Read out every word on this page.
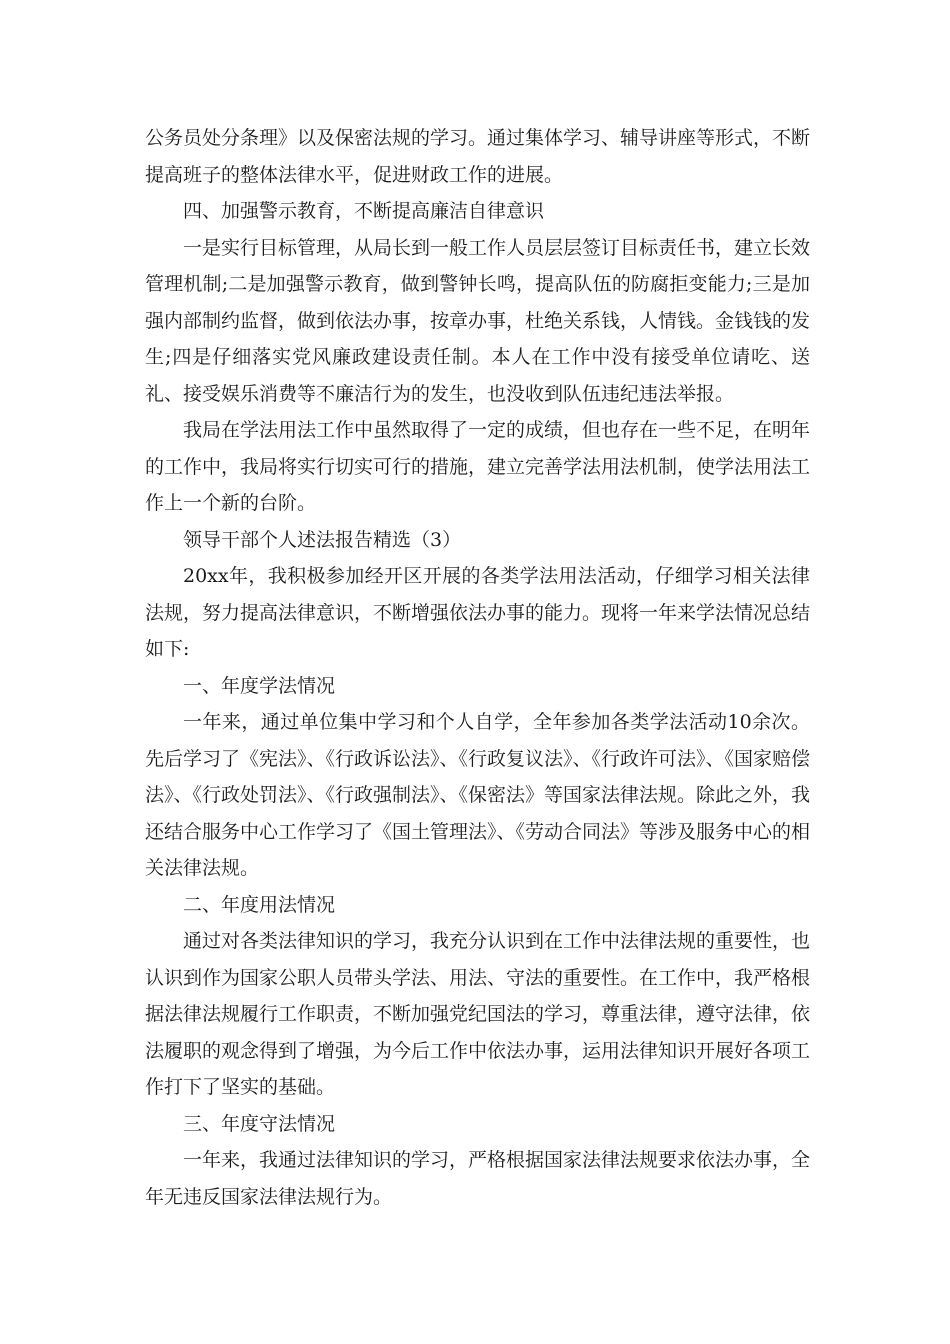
公务员处分条理》以及保密法规的学习。通过集体学习、辅导讲座等形式，不断提高班子的整体法律水平，促进财政工作的进展。

四、加强警示教育，不断提高廉洁自律意识

一是实行目标管理，从局长到一般工作人员层层签订目标责任书，建立长效管理机制;二是加强警示教育，做到警钟长鸣，提高队伍的防腐拒变能力;三是加强内部制约监督，做到依法办事，按章办事，杜绝关系钱，人情钱。金钱钱的发生;四是仔细落实党风廉政建设责任制。本人在工作中没有接受单位请吃、送礼、接受娱乐消费等不廉洁行为的发生，也没收到队伍违纪违法举报。

我局在学法用法工作中虽然取得了一定的成绩，但也存在一些不足，在明年的工作中，我局将实行切实可行的措施，建立完善学法用法机制，使学法用法工作上一个新的台阶。

领导干部个人述法报告精选（3）

20xx年，我积极参加经开区开展的各类学法用法活动，仔细学习相关法律法规，努力提高法律意识，不断增强依法办事的能力。现将一年来学法情况总结如下:

一、年度学法情况

一年来，通过单位集中学习和个人自学，全年参加各类学法活动10余次。先后学习了《宪法》、《行政诉讼法》、《行政复议法》、《行政许可法》、《国家赔偿法》、《行政处罚法》、《行政强制法》、《保密法》等国家法律法规。除此之外，我还结合服务中心工作学习了《国土管理法》、《劳动合同法》等涉及服务中心的相关法律法规。

二、年度用法情况

通过对各类法律知识的学习，我充分认识到在工作中法律法规的重要性，也认识到作为国家公职人员带头学法、用法、守法的重要性。在工作中，我严格根据法律法规履行工作职责，不断加强党纪国法的学习，尊重法律，遵守法律，依法履职的观念得到了增强，为今后工作中依法办事，运用法律知识开展好各项工作打下了坚实的基础。

三、年度守法情况

一年来，我通过法律知识的学习，严格根据国家法律法规要求依法办事，全年无违反国家法律法规行为。
